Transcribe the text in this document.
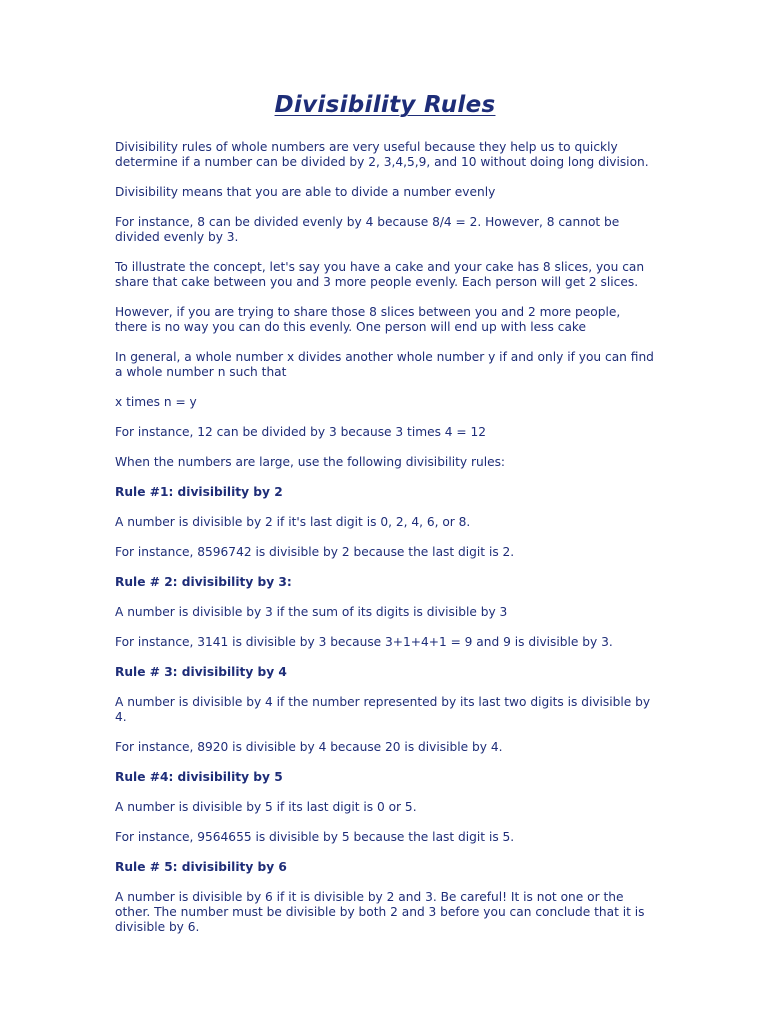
Divisibility Rules

Divisibility rules of whole numbers are very useful because they help us to quickly determine if a number can be divided by 2, 3,4,5,9, and 10 without doing long division.

Divisibility means that you are able to divide a number evenly

For instance, 8 can be divided evenly by 4 because 8/4 = 2. However, 8 cannot be divided evenly by 3.

To illustrate the concept, let's say you have a cake and your cake has 8 slices, you can share that cake between you and 3 more people evenly. Each person will get 2 slices.

However, if you are trying to share those 8 slices between you and 2 more people, there is no way you can do this evenly. One person will end up with less cake

In general, a whole number x divides another whole number y if and only if you can find a whole number n such that

x times n = y

For instance, 12 can be divided by 3 because 3 times 4 = 12

When the numbers are large, use the following divisibility rules:

Rule #1: divisibility by 2

A number is divisible by 2 if it's last digit is 0, 2, 4, 6, or 8.

For instance, 8596742 is divisible by 2 because the last digit is 2.

Rule # 2: divisibility by 3:

A number is divisible by 3 if the sum of its digits is divisible by 3

For instance, 3141 is divisible by 3 because 3+1+4+1 = 9 and 9 is divisible by 3.

Rule # 3: divisibility by 4

A number is divisible by 4 if the number represented by its last two digits is divisible by 4.

For instance, 8920 is divisible by 4 because 20 is divisible by 4.

Rule #4: divisibility by 5

A number is divisible by 5 if its last digit is 0 or 5.

For instance, 9564655 is divisible by 5 because the last digit is 5.

Rule # 5: divisibility by 6

A number is divisible by 6 if it is divisible by 2 and 3. Be careful! It is not one or the other. The number must be divisible by both 2 and 3 before you can conclude that it is divisible by 6.
